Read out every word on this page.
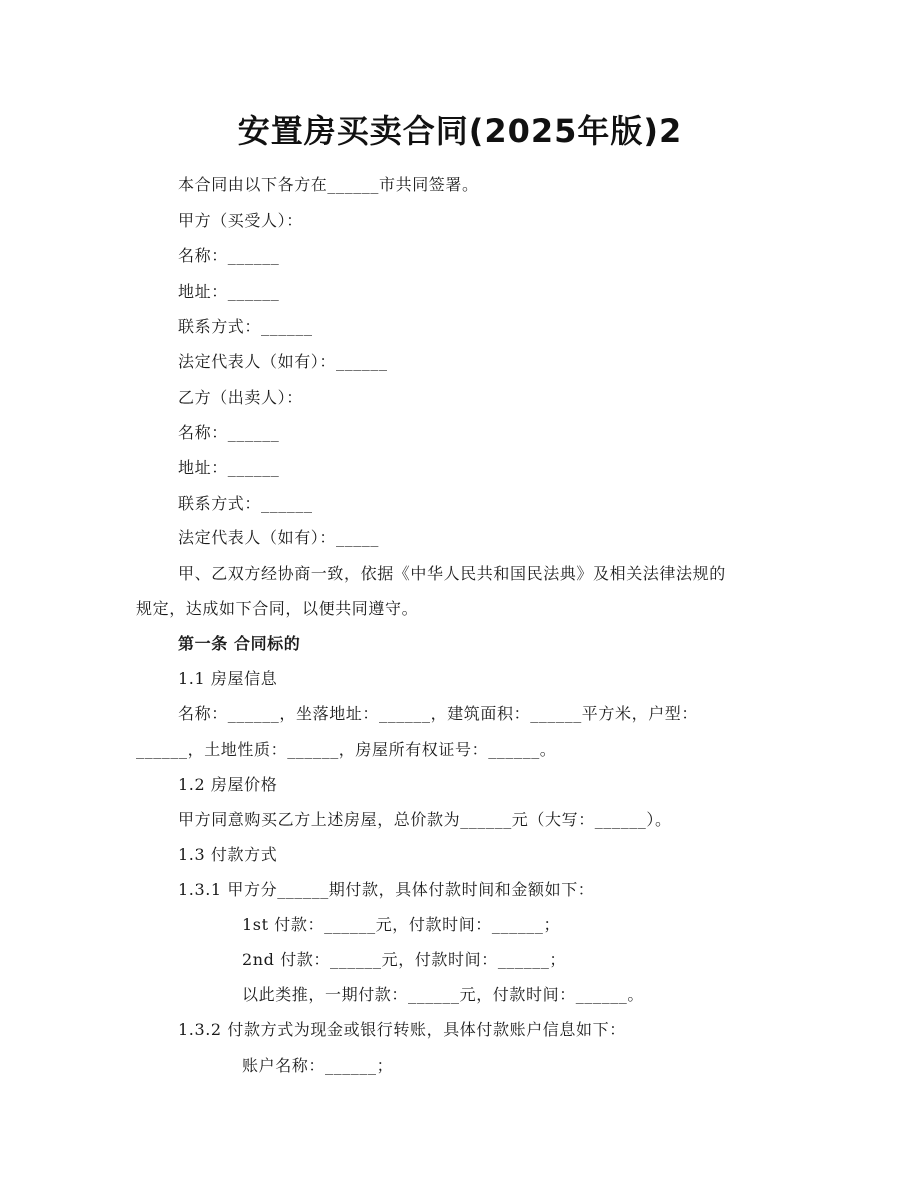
安置房买卖合同(2025年版)2
本合同由以下各方在______市共同签署。
甲方（买受人）：
名称：______
地址：______
联系方式：______
法定代表人（如有）：______
乙方（出卖人）：
名称：______
地址：______
联系方式：______
法定代表人（如有）：_____
甲、乙双方经协商一致，依据《中华人民共和国民法典》及相关法律法规的
规定，达成如下合同，以便共同遵守。
第一条 合同标的
1.1 房屋信息
名称：______，坐落地址：______，建筑面积：______平方米，户型：
______，土地性质：______，房屋所有权证号：______。
1.2 房屋价格
甲方同意购买乙方上述房屋，总价款为______元（大写：______）。
1.3 付款方式
1.3.1 甲方分______期付款，具体付款时间和金额如下：
1st 付款：______元，付款时间：______；
2nd 付款：______元，付款时间：______；
以此类推，一期付款：______元，付款时间：______。
1.3.2 付款方式为现金或银行转账，具体付款账户信息如下：
账户名称：______；
